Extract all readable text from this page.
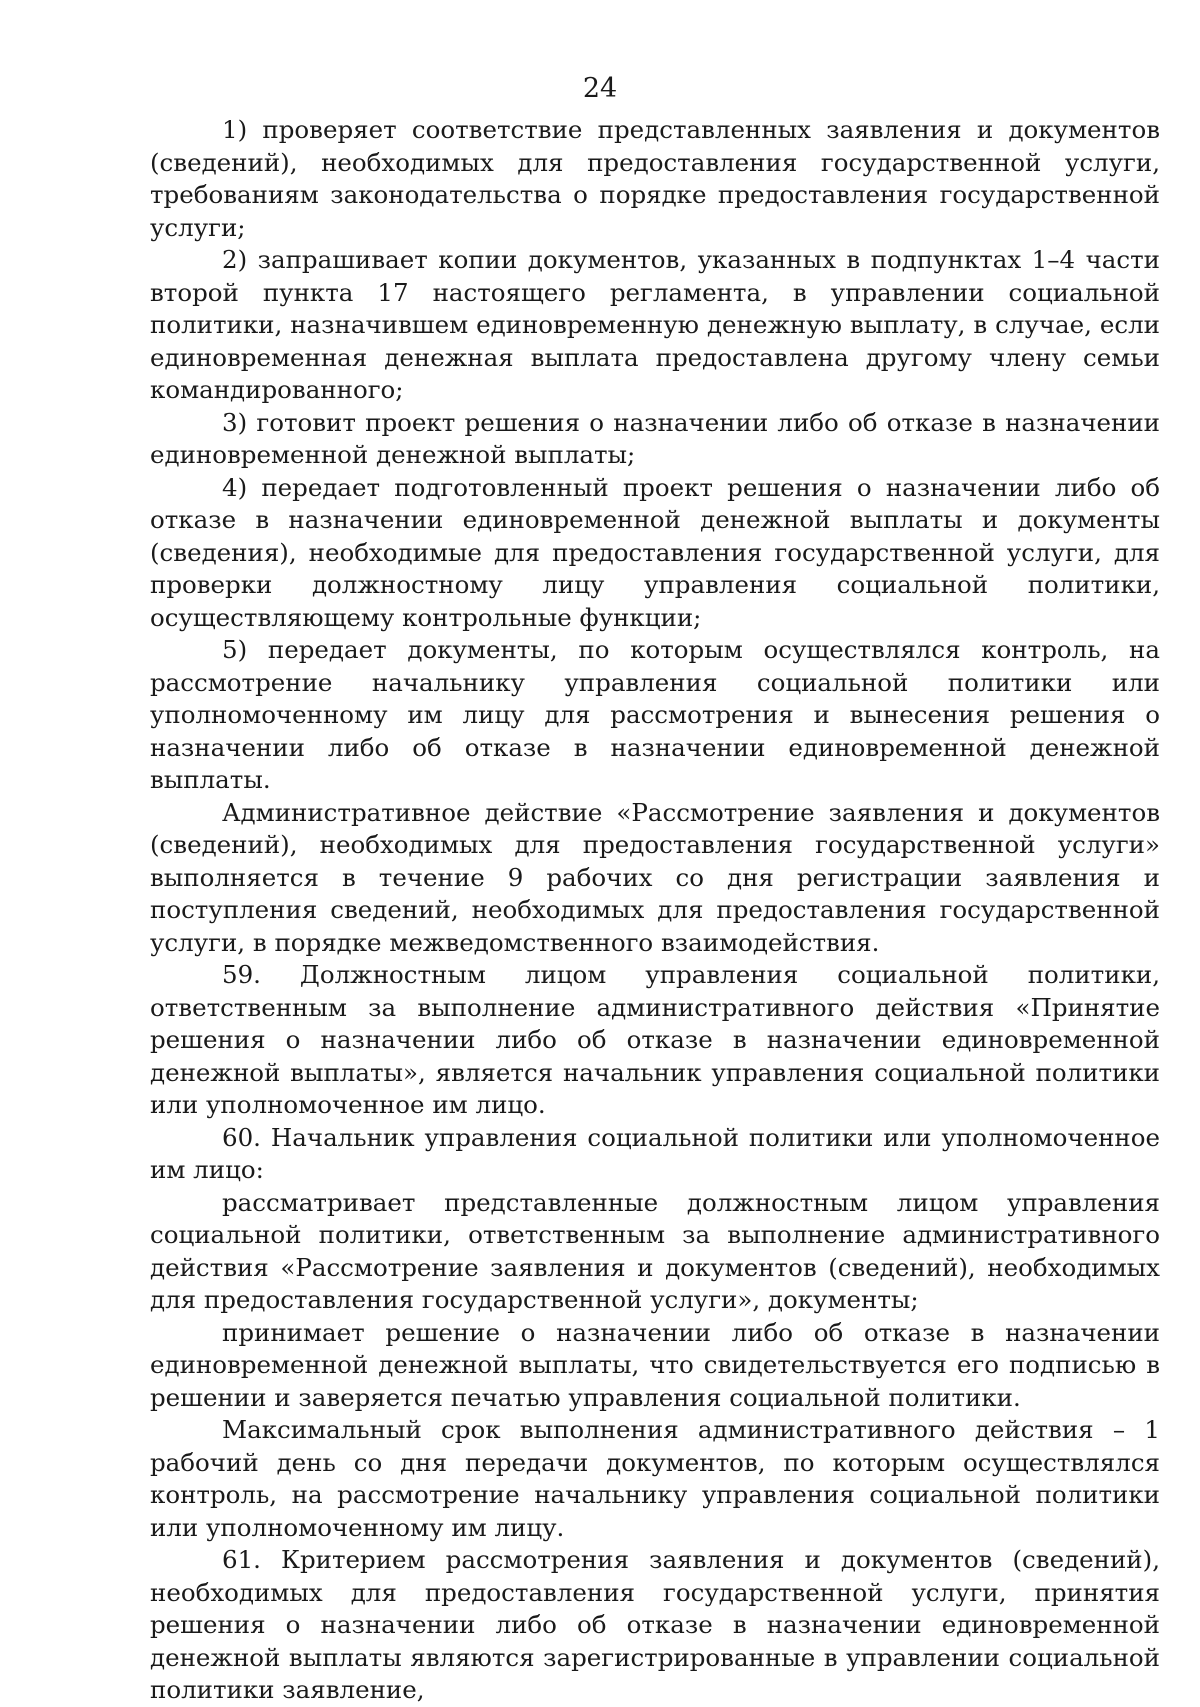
24

1) проверяет соответствие представленных заявления и документов (сведений), необходимых для предоставления государственной услуги, требованиям законодательства о порядке предоставления государственной услуги;

2) запрашивает копии документов, указанных в подпунктах 1–4 части второй пункта 17 настоящего регламента, в управлении социальной политики, назначившем единовременную денежную выплату, в случае, если единовременная денежная выплата предоставлена другому члену семьи командированного;

3) готовит проект решения о назначении либо об отказе в назначении единовременной денежной выплаты;

4) передает подготовленный проект решения о назначении либо об отказе в назначении единовременной денежной выплаты и документы (сведения), необходимые для предоставления государственной услуги, для проверки должностному лицу управления социальной политики, осуществляющему контрольные функции;

5) передает документы, по которым осуществлялся контроль, на рассмотрение начальнику управления социальной политики или уполномоченному им лицу для рассмотрения и вынесения решения о назначении либо об отказе в назначении единовременной денежной выплаты.

Административное действие «Рассмотрение заявления и документов (сведений), необходимых для предоставления государственной услуги» выполняется в течение 9 рабочих со дня регистрации заявления и поступления сведений, необходимых для предоставления государственной услуги, в порядке межведомственного взаимодействия.

59. Должностным лицом управления социальной политики, ответственным за выполнение административного действия «Принятие решения о назначении либо об отказе в назначении единовременной денежной выплаты», является начальник управления социальной политики или уполномоченное им лицо.

60. Начальник управления социальной политики или уполномоченное им лицо:

рассматривает представленные должностным лицом управления социальной политики, ответственным за выполнение административного действия «Рассмотрение заявления и документов (сведений), необходимых для предоставления государственной услуги», документы;

принимает решение о назначении либо об отказе в назначении единовременной денежной выплаты, что свидетельствуется его подписью в решении и заверяется печатью управления социальной политики.

Максимальный срок выполнения административного действия – 1 рабочий день со дня передачи документов, по которым осуществлялся контроль, на рассмотрение начальнику управления социальной политики или уполномоченному им лицу.

61. Критерием рассмотрения заявления и документов (сведений), необходимых для предоставления государственной услуги, принятия решения о назначении либо об отказе в назначении единовременной денежной выплаты являются зарегистрированные в управлении социальной политики заявление,
